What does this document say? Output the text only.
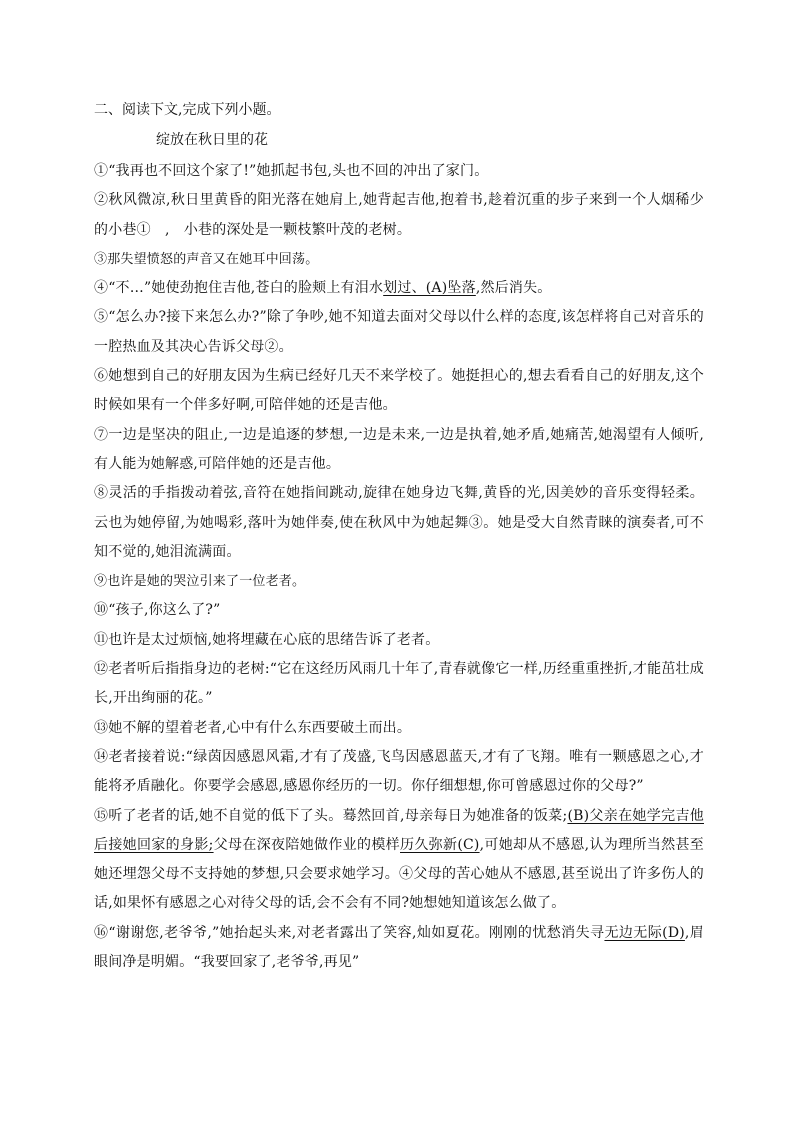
二、阅读下文,完成下列小题。
绽放在秋日里的花

①“我再也不回这个家了!”她抓起书包,头也不回的冲出了家门。

②秋风微凉,秋日里黄昏的阳光落在她肩上,她背起吉他,抱着书,趁着沉重的步子来到一个人烟稀少的小巷①　,　小巷的深处是一颗枝繁叶茂的老树。

③那失望愤怒的声音又在她耳中回荡。

④“不…”她使劲抱住吉他,苍白的脸颊上有泪水划过、(A)坠落,然后消失。

⑤“怎么办?接下来怎么办?”除了争吵,她不知道去面对父母以什么样的态度,该怎样将自己对音乐的一腔热血及其决心告诉父母②。

⑥她想到自己的好朋友因为生病已经好几天不来学校了。她挺担心的,想去看看自己的好朋友,这个时候如果有一个伴多好啊,可陪伴她的还是吉他。

⑦一边是坚决的阻止,一边是追逐的梦想,一边是未来,一边是执着,她矛盾,她痛苦,她渴望有人倾听,有人能为她解惑,可陪伴她的还是吉他。

⑧灵活的手指拨动着弦,音符在她指间跳动,旋律在她身边飞舞,黄昏的光,因美妙的音乐变得轻柔。云也为她停留,为她喝彩,落叶为她伴奏,使在秋风中为她起舞③。她是受大自然青睐的演奏者,可不知不觉的,她泪流满面。

⑨也许是她的哭泣引来了一位老者。

⑩“孩子,你这么了?”

⑪也许是太过烦恼,她将埋藏在心底的思绪告诉了老者。

⑫老者听后指指身边的老树:“它在这经历风雨几十年了,青春就像它一样,历经重重挫折,才能茁壮成长,开出绚丽的花。”

⑬她不解的望着老者,心中有什么东西要破土而出。

⑭老者接着说:“绿茵因感恩风霜,才有了茂盛,飞鸟因感恩蓝天,才有了飞翔。唯有一颗感恩之心,才能将矛盾融化。你要学会感恩,感恩你经历的一切。你仔细想想,你可曾感恩过你的父母?”

⑮听了老者的话,她不自觉的低下了头。蓦然回首,母亲每日为她准备的饭菜;(B)父亲在她学完吉他后接她回家的身影;父母在深夜陪她做作业的模样历久弥新(C),可她却从不感恩,认为理所当然甚至她还埋怨父母不支持她的梦想,只会要求她学习。④父母的苦心她从不感恩,甚至说出了许多伤人的话,如果怀有感恩之心对待父母的话,会不会有不同?她想她知道该怎么做了。

⑯“谢谢您,老爷爷,”她抬起头来,对老者露出了笑容,灿如夏花。刚刚的忧愁消失寻无边无际(D),眉眼间净是明媚。“我要回家了,老爷爷,再见”
